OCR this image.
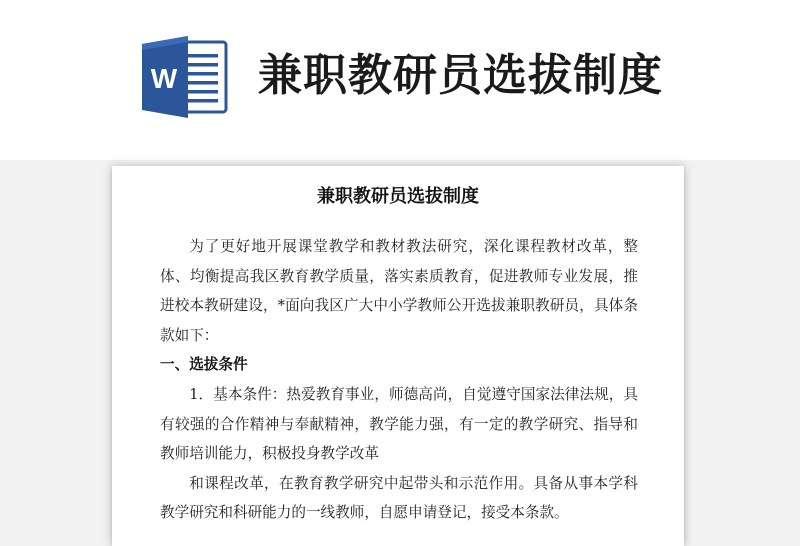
W 兼职教研员选拔制度
兼职教研员选拔制度

为了更好地开展课堂教学和教材教法研究，深化课程教材改革，整体、均衡提高我区教育教学质量，落实素质教育，促进教师专业发展，推进校本教研建设，*面向我区广大中小学教师公开选拔兼职教研员，具体条款如下：

一、选拔条件

1．基本条件：热爱教育事业，师德高尚，自觉遵守国家法律法规，具有较强的合作精神与奉献精神，教学能力强，有一定的教学研究、指导和教师培训能力，积极投身教学改革

和课程改革，在教育教学研究中起带头和示范作用。具备从事本学科教学研究和科研能力的一线教师，自愿申请登记，接受本条款。
